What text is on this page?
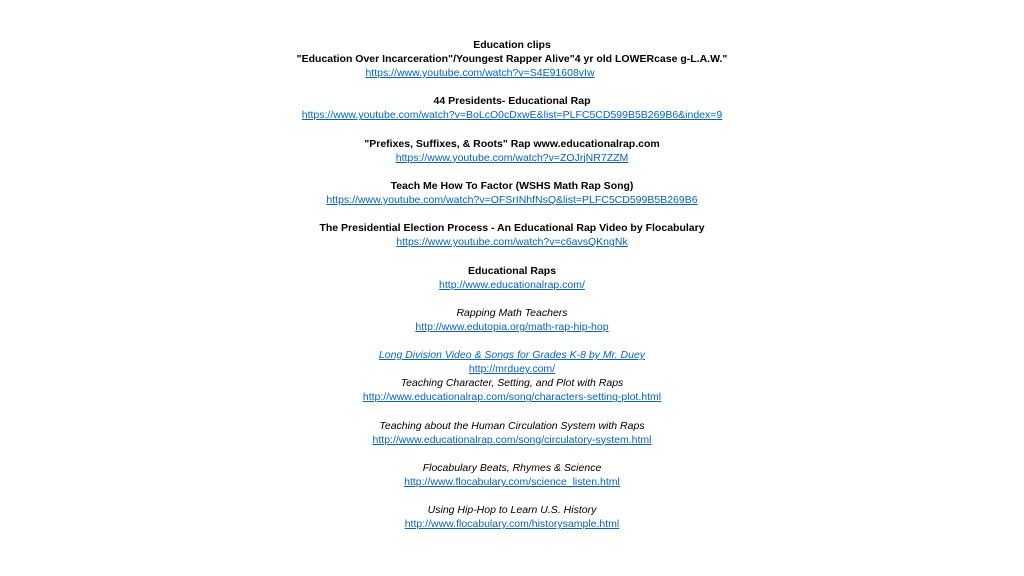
Education clips
"Education Over Incarceration"/Youngest Rapper Alive"4 yr old LOWERcase g-L.A.W."
https://www.youtube.com/watch?v=S4E91608vIw
44 Presidents- Educational Rap
https://www.youtube.com/watch?v=BoLcO0cDxwE&list=PLFC5CD599B5B269B6&index=9
"Prefixes, Suffixes, & Roots" Rap www.educationalrap.com
https://www.youtube.com/watch?v=ZOJrjNR7ZZM
Teach Me How To Factor (WSHS Math Rap Song)
https://www.youtube.com/watch?v=OFSrINhfNsQ&list=PLFC5CD599B5B269B6
The Presidential Election Process - An Educational Rap Video by Flocabulary
https://www.youtube.com/watch?v=c6avsQKngNk
Educational Raps
http://www.educationalrap.com/
Rapping Math Teachers
http://www.edutopia.org/math-rap-hip-hop
Long Division Video & Songs for Grades K-8 by Mr. Duey
http://mrduey.com/
Teaching Character, Setting, and Plot with Raps
http://www.educationalrap.com/song/characters-setting-plot.html
Teaching about the Human Circulation System with Raps
http://www.educationalrap.com/song/circulatory-system.html
Flocabulary Beats, Rhymes & Science
http://www.flocabulary.com/science_listen.html
Using Hip-Hop to Learn U.S. History
http://www.flocabulary.com/historysample.html
